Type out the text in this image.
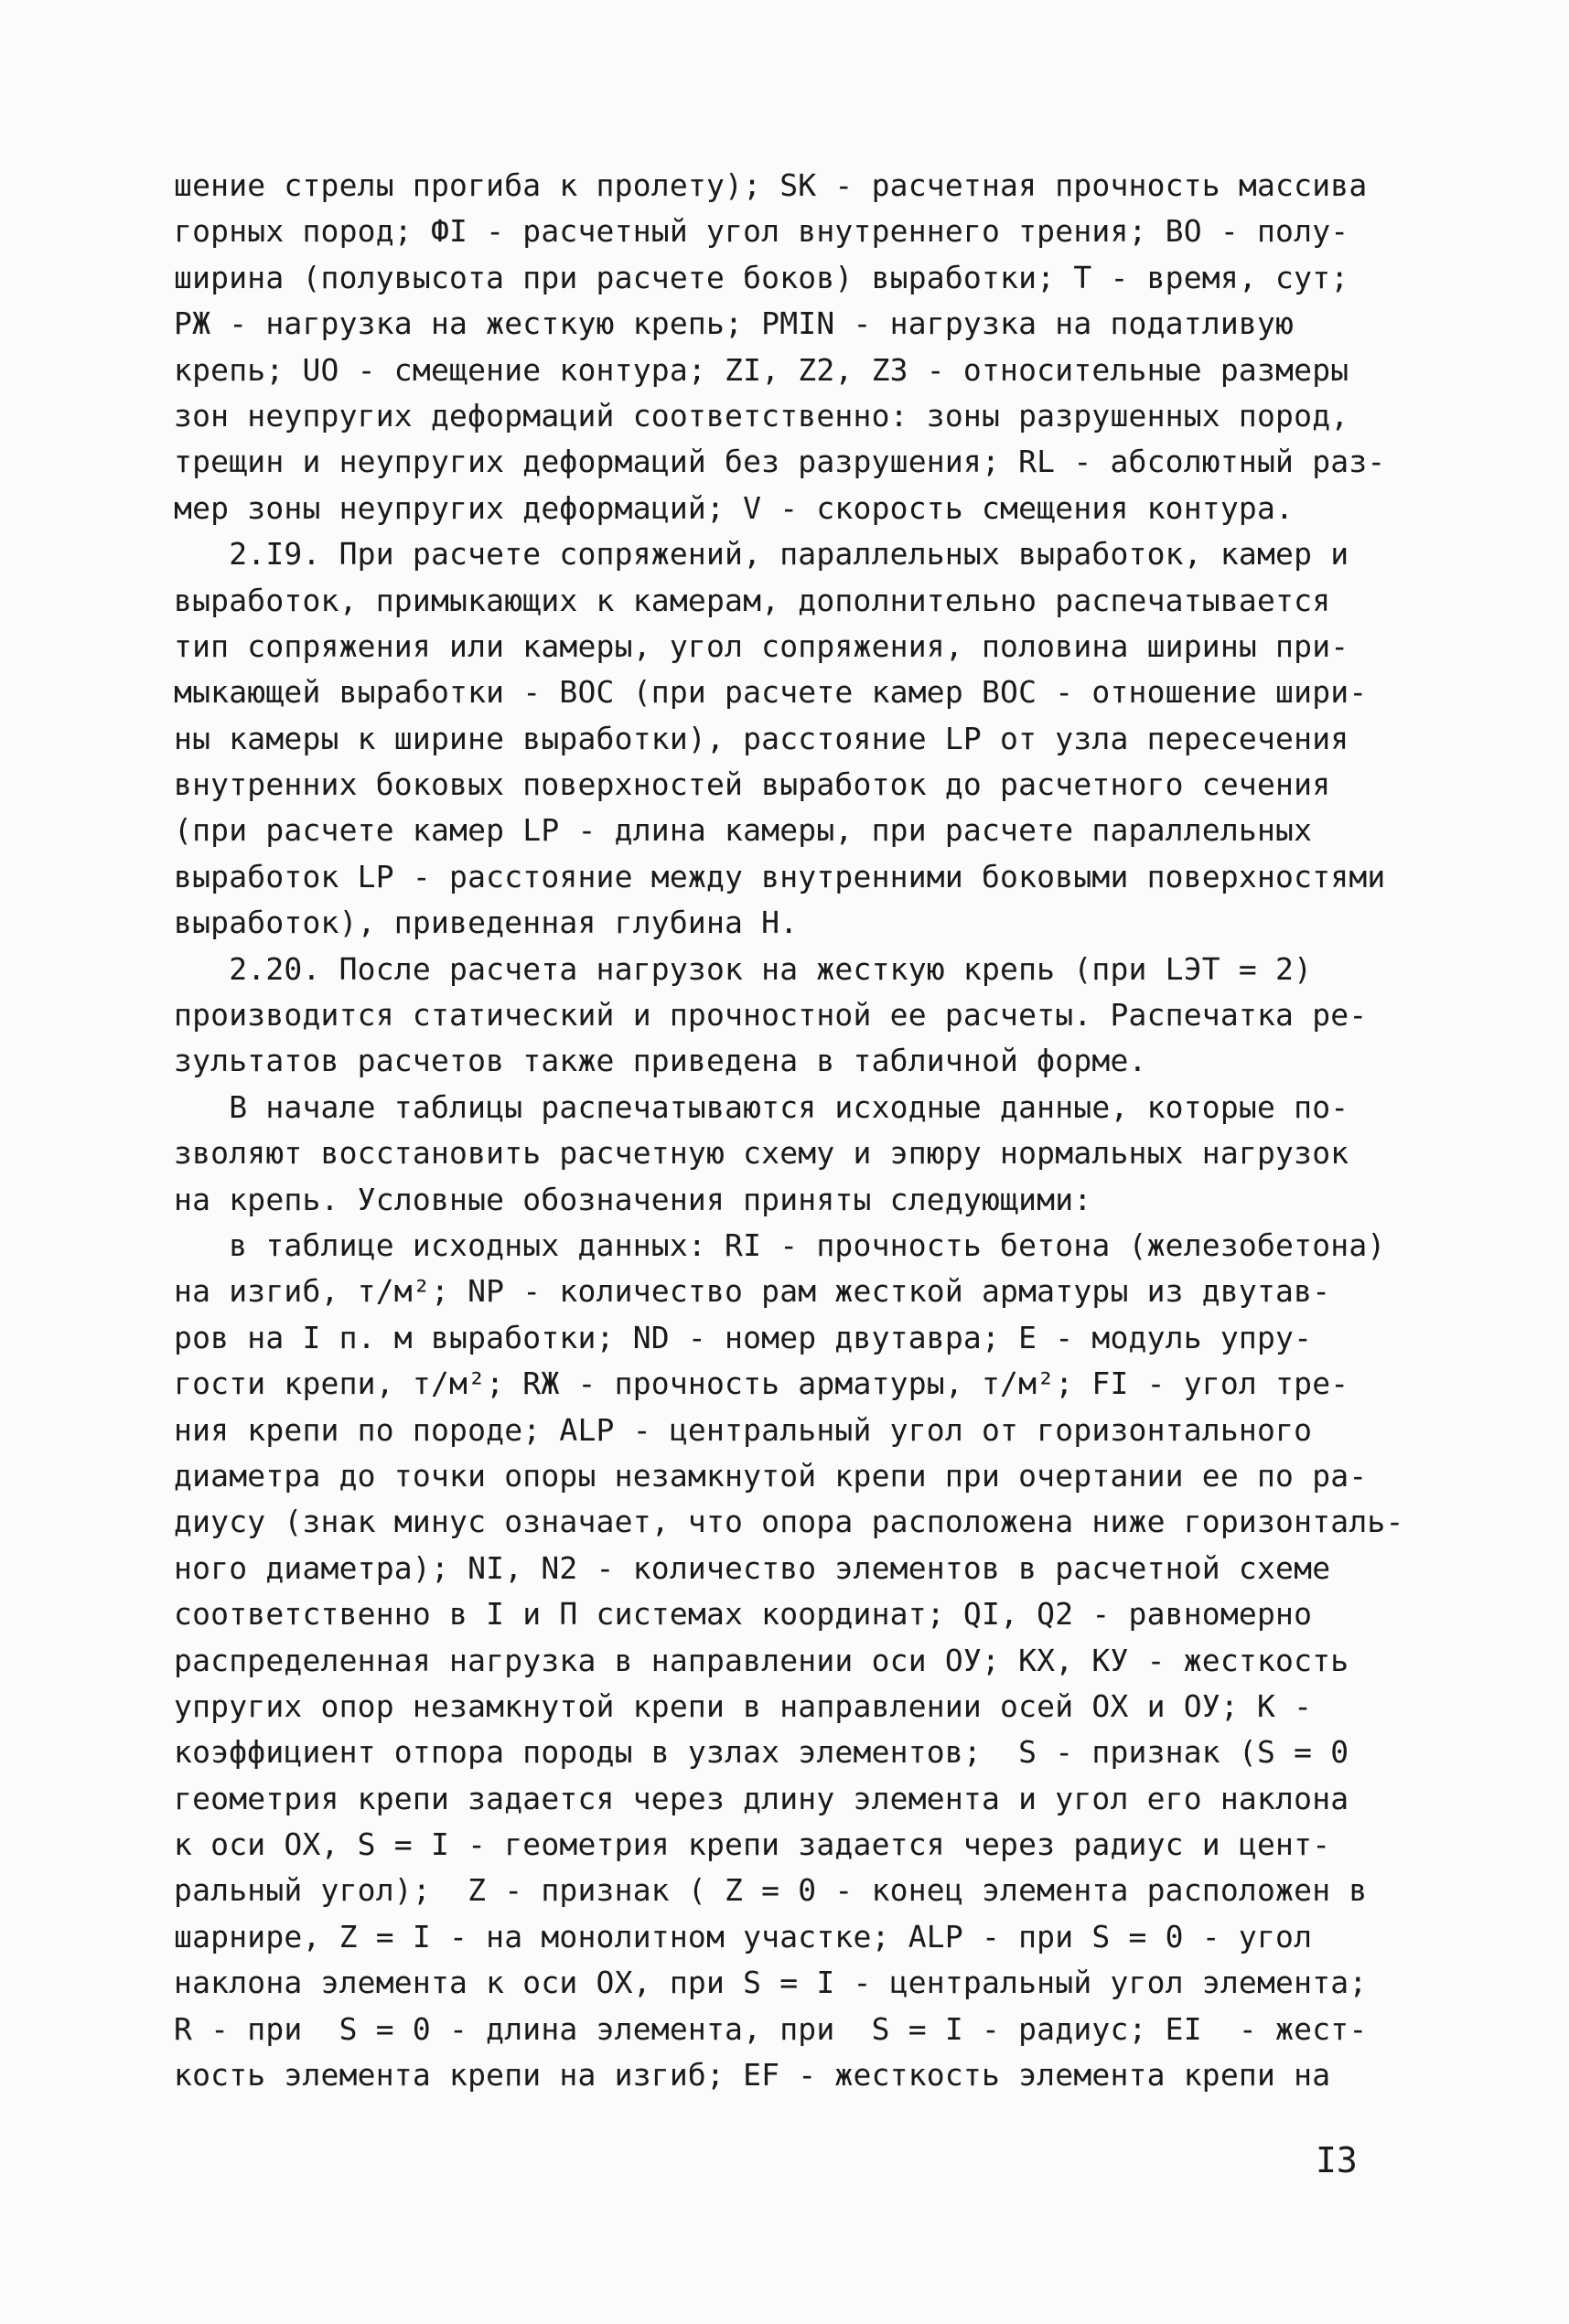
шение стрелы прогиба к пролету); SK - расчетная прочность массива
горных пород; ФI - расчетный угол внутреннего трения; ВО - полу-
ширина (полувысота при расчете боков) выработки; Т - время, сут;
РЖ - нагрузка на жесткую крепь; PMIN - нагрузка на податливую
крепь; UO - смещение контура; ZI, Z2, Z3 - относительные размеры
зон неупругих деформаций соответственно: зоны разрушенных пород,
трещин и неупругих деформаций без разрушения; RL - абсолютный раз-
мер зоны неупругих деформаций; V - скорость смещения контура.
2.I9. При расчете сопряжений, параллельных выработок, камер и
выработок, примыкающих к камерам, дополнительно распечатывается
тип сопряжения или камеры, угол сопряжения, половина ширины при-
мыкающей выработки - ВОС (при расчете камер ВОС - отношение шири-
ны камеры к ширине выработки), расстояние LP от узла пересечения
внутренних боковых поверхностей выработок до расчетного сечения
(при расчете камер LP - длина камеры, при расчете параллельных
выработок LP - расстояние между внутренними боковыми поверхностями
выработок), приведенная глубина Н.
2.20. После расчета нагрузок на жесткую крепь (при LЭТ = 2)
производится статический и прочностной ее расчеты. Распечатка ре-
зультатов расчетов также приведена в табличной форме.
В начале таблицы распечатываются исходные данные, которые по-
зволяют восстановить расчетную схему и эпюру нормальных нагрузок
на крепь. Условные обозначения приняты следующими:
в таблице исходных данных: RI - прочность бетона (железобетона)
на изгиб, т/м²; NP - количество рам жесткой арматуры из двутав-
ров на I п. м выработки; ND - номер двутавра; Е - модуль упру-
гости крепи, т/м²; RЖ - прочность арматуры, т/м²; FI - угол тре-
ния крепи по породе; ALP - центральный угол от горизонтального
диаметра до точки опоры незамкнутой крепи при очертании ее по ра-
диусу (знак минус означает, что опора расположена ниже горизонталь-
ного диаметра); NI, N2 - количество элементов в расчетной схеме
соответственно в I и П системах координат; QI, Q2 - равномерно
распределенная нагрузка в направлении оси ОУ; КХ, КУ - жесткость
упругих опор незамкнутой крепи в направлении осей ОХ и ОУ; К -
коэффициент отпора породы в узлах элементов;  S - признак (S = 0
геометрия крепи задается через длину элемента и угол его наклона
к оси ОХ, S = I - геометрия крепи задается через радиус и цент-
ральный угол);  Z - признак ( Z = 0 - конец элемента расположен в
шарнире, Z = I - на монолитном участке; ALP - при S = 0 - угол
наклона элемента к оси ОХ, при S = I - центральный угол элемента;
R - при  S = 0 - длина элемента, при  S = I - радиус; EI  - жест-
кость элемента крепи на изгиб; EF - жесткость элемента крепи на
I3
